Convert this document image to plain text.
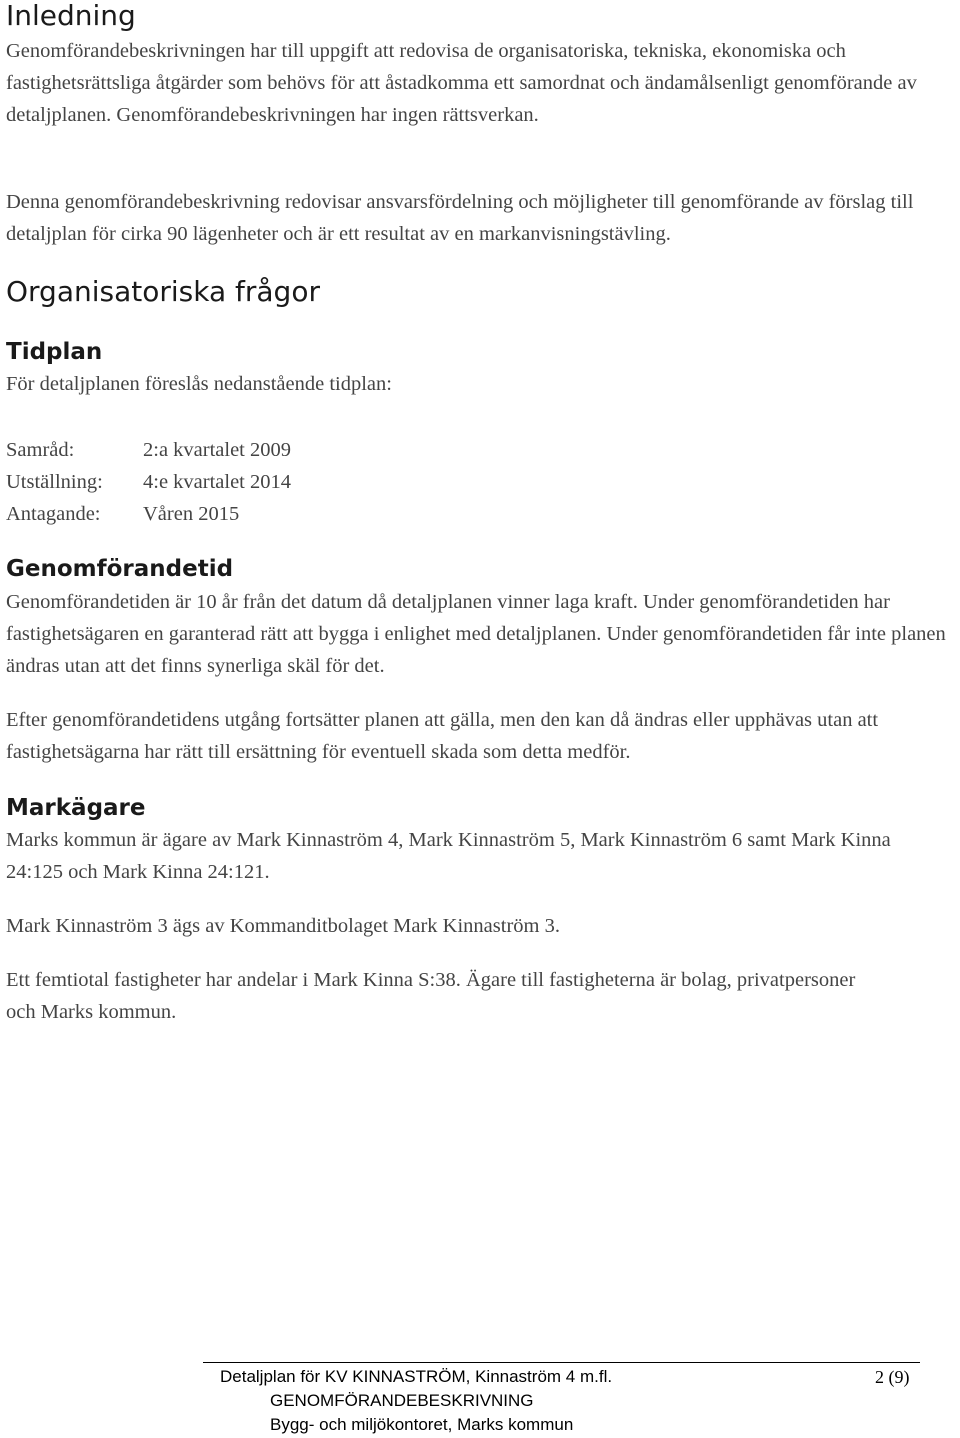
Inledning

Genomförandebeskrivningen har till uppgift att redovisa de organisatoriska, tekniska, ekonomiska och fastighetsrättsliga åtgärder som behövs för att åstadkomma ett samordnat och ändamålsenligt genomförande av detaljplanen. Genomförandebeskrivningen har ingen rättsverkan.

Denna genomförandebeskrivning redovisar ansvarsfördelning och möjligheter till genomförande av förslag till detaljplan för cirka 90 lägenheter och är ett resultat av en markanvisningstävling.

Organisatoriska frågor
Tidplan

För detaljplanen föreslås nedanstående tidplan:

Samråd:	2:a kvartalet 2009
Utställning: 4:e kvartalet 2014
Antagande: Våren 2015
Genomförandetid

Genomförandetiden är 10 år från det datum då detaljplanen vinner laga kraft. Under genomförandetiden har fastighetsägaren en garanterad rätt att bygga i enlighet med detaljplanen. Under genomförandetiden får inte planen ändras utan att det finns synerliga skäl för det.

Efter genomförandetidens utgång fortsätter planen att gälla, men den kan då ändras eller upphävas utan att fastighetsägarna har rätt till ersättning för eventuell skada som detta medför.

Markägare

Marks kommun är ägare av Mark Kinnaström 4, Mark Kinnaström 5, Mark Kinnaström 6 samt Mark Kinna 24:125 och Mark Kinna 24:121.

Mark Kinnaström 3 ägs av Kommanditbolaget Mark Kinnaström 3.

Ett femtiotal fastigheter har andelar i Mark Kinna S:38. Ägare till fastigheterna är bolag, privatpersoner och Marks kommun.

Detaljplan för KV KINNASTRÖM, Kinnaström 4 m.fl.
GENOMFÖRANDEBESKRIVNING
Bygg- och miljökontoret, Marks kommun
2 (9)
